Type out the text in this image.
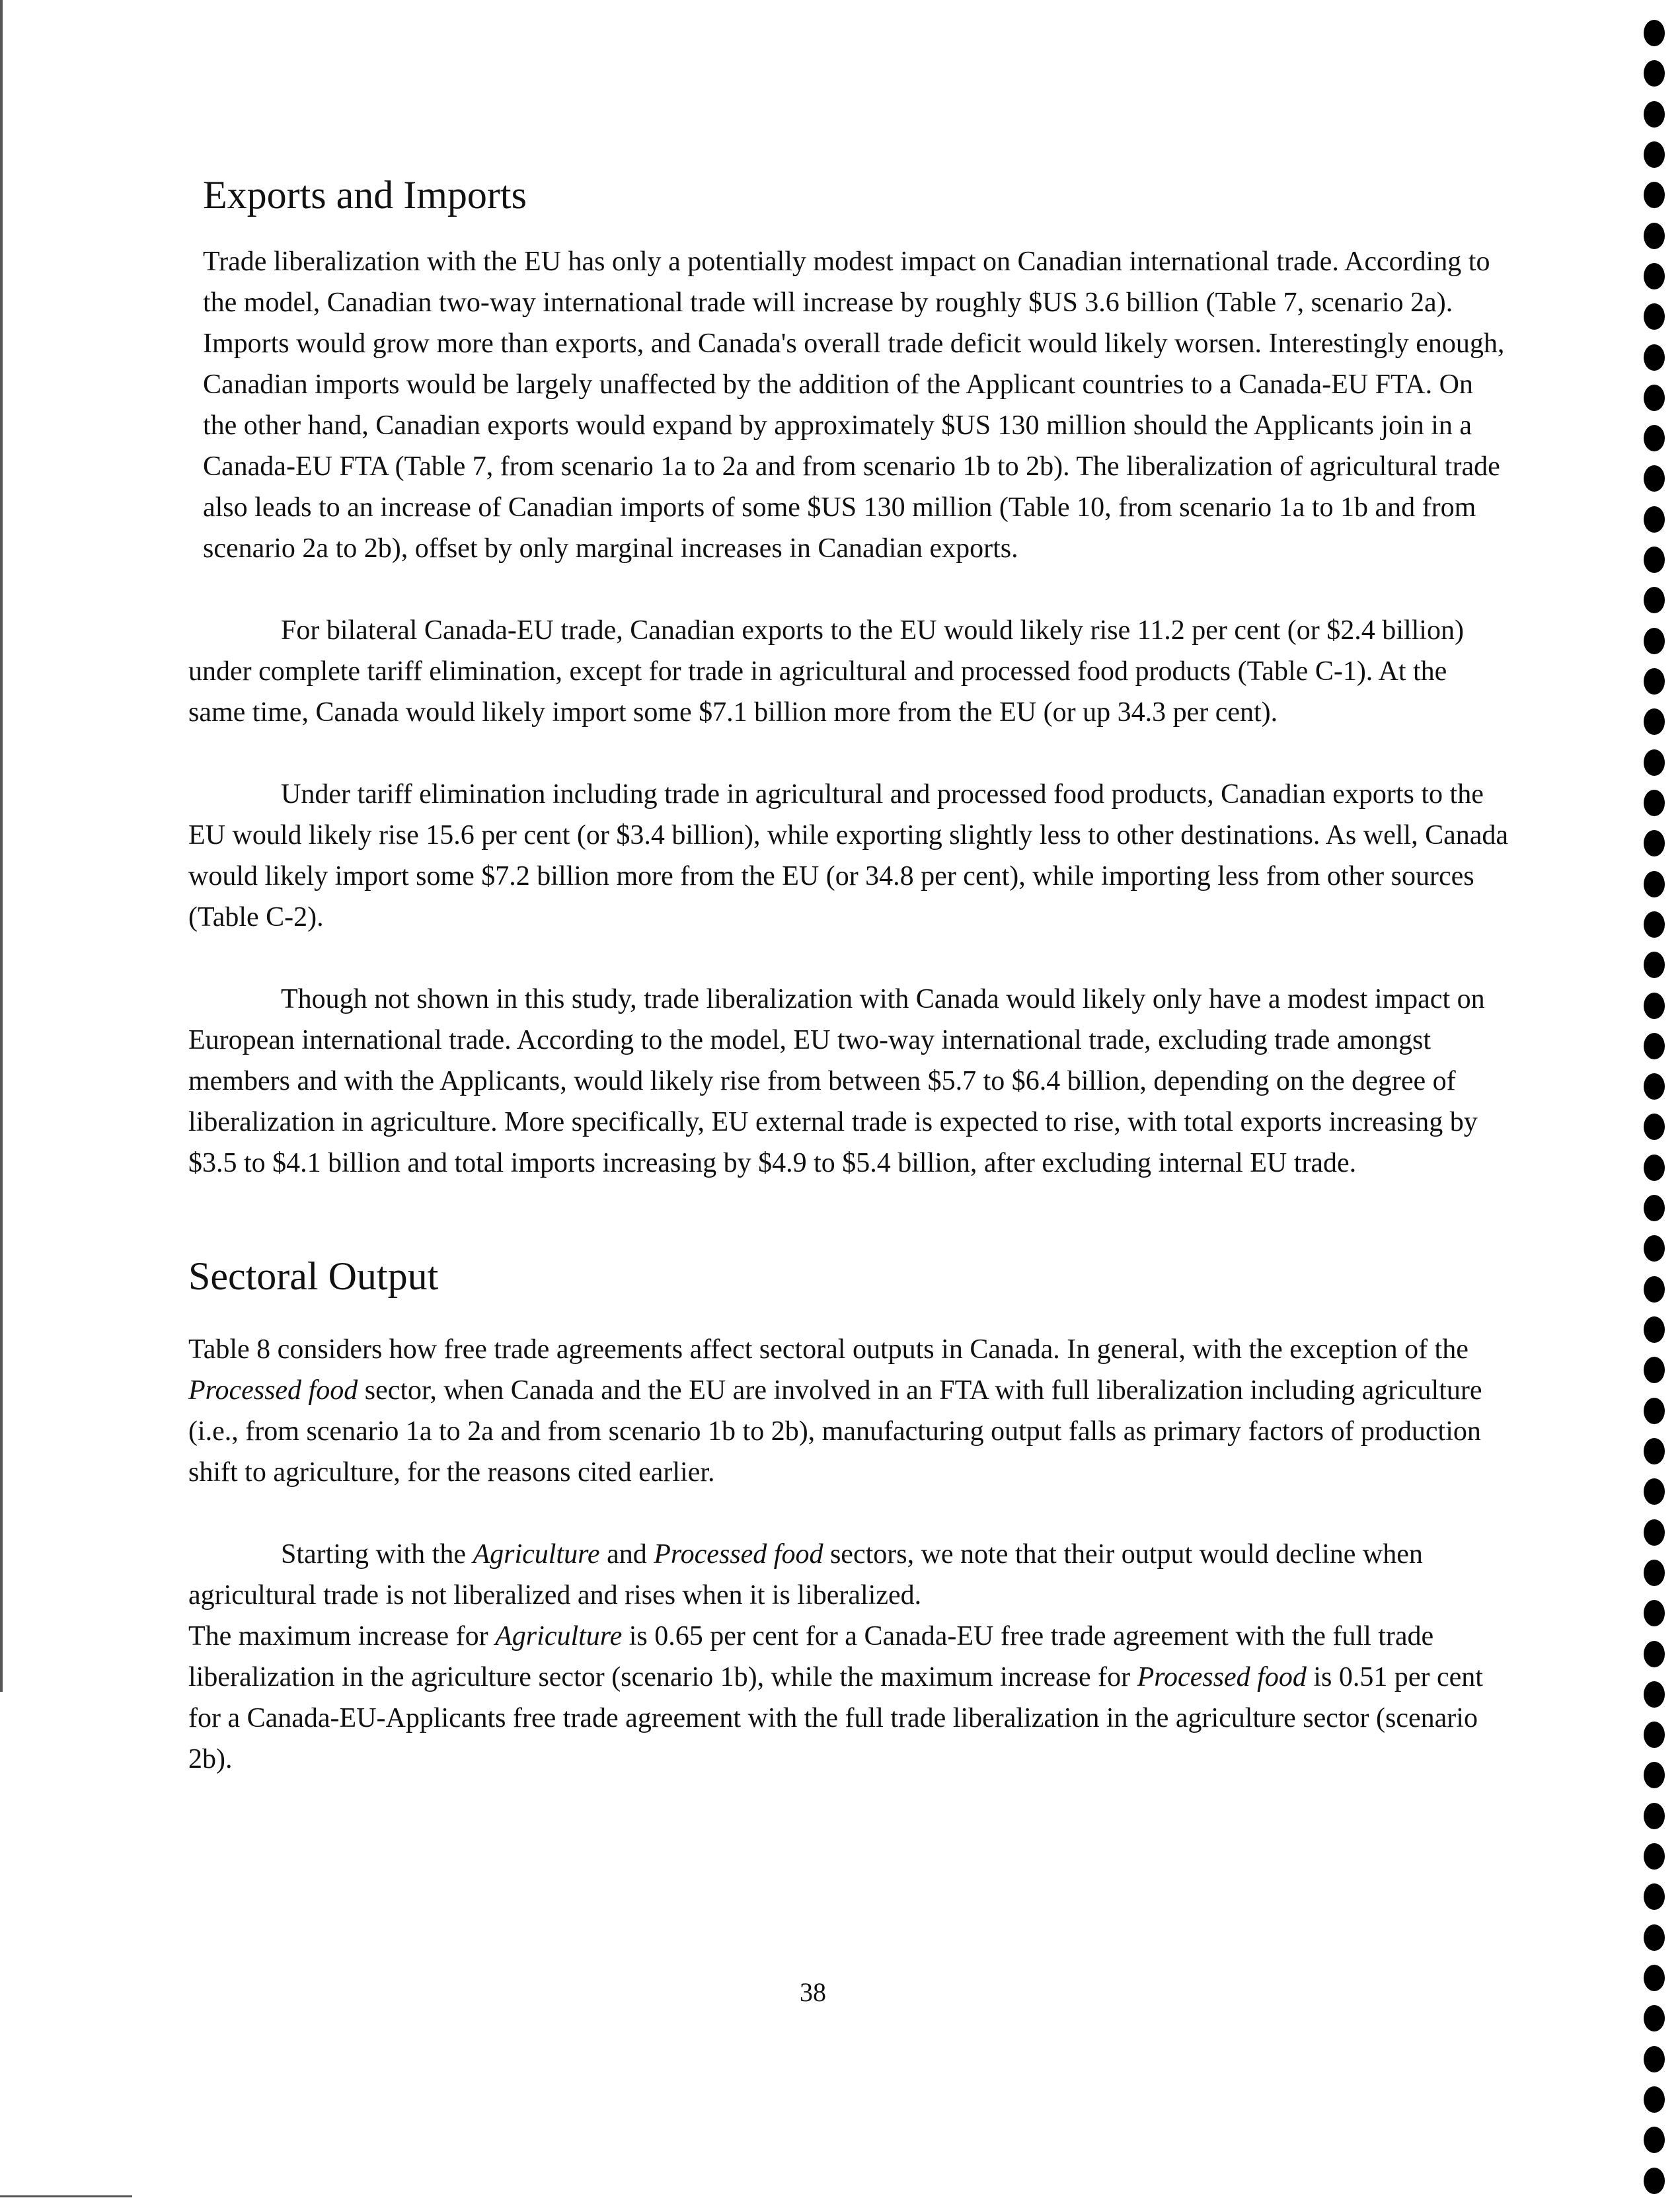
Exports and Imports

Trade liberalization with the EU has only a potentially modest impact on Canadian international trade. According to the model, Canadian two-way international trade will increase by roughly $US 3.6 billion (Table 7, scenario 2a). Imports would grow more than exports, and Canada's overall trade deficit would likely worsen. Interestingly enough, Canadian imports would be largely unaffected by the addition of the Applicant countries to a Canada-EU FTA. On the other hand, Canadian exports would expand by approximately $US 130 million should the Applicants join in a Canada-EU FTA (Table 7, from scenario 1a to 2a and from scenario 1b to 2b). The liberalization of agricultural trade also leads to an increase of Canadian imports of some $US 130 million (Table 10, from scenario 1a to 1b and from scenario 2a to 2b), offset by only marginal increases in Canadian exports.

For bilateral Canada-EU trade, Canadian exports to the EU would likely rise 11.2 per cent (or $2.4 billion) under complete tariff elimination, except for trade in agricultural and processed food products (Table C-1). At the same time, Canada would likely import some $7.1 billion more from the EU (or up 34.3 per cent).

Under tariff elimination including trade in agricultural and processed food products, Canadian exports to the EU would likely rise 15.6 per cent (or $3.4 billion), while exporting slightly less to other destinations. As well, Canada would likely import some $7.2 billion more from the EU (or 34.8 per cent), while importing less from other sources (Table C-2).

Though not shown in this study, trade liberalization with Canada would likely only have a modest impact on European international trade. According to the model, EU two-way international trade, excluding trade amongst members and with the Applicants, would likely rise from between $5.7 to $6.4 billion, depending on the degree of liberalization in agriculture. More specifically, EU external trade is expected to rise, with total exports increasing by $3.5 to $4.1 billion and total imports increasing by $4.9 to $5.4 billion, after excluding internal EU trade.

Sectoral Output

Table 8 considers how free trade agreements affect sectoral outputs in Canada. In general, with the exception of the Processed food sector, when Canada and the EU are involved in an FTA with full liberalization including agriculture (i.e., from scenario 1a to 2a and from scenario 1b to 2b), manufacturing output falls as primary factors of production shift to agriculture, for the reasons cited earlier.

Starting with the Agriculture and Processed food sectors, we note that their output would decline when agricultural trade is not liberalized and rises when it is liberalized.

The maximum increase for Agriculture is 0.65 per cent for a Canada-EU free trade agreement with the full trade liberalization in the agriculture sector (scenario 1b), while the maximum increase for Processed food is 0.51 per cent for a Canada-EU-Applicants free trade agreement with the full trade liberalization in the agriculture sector (scenario 2b).

38
